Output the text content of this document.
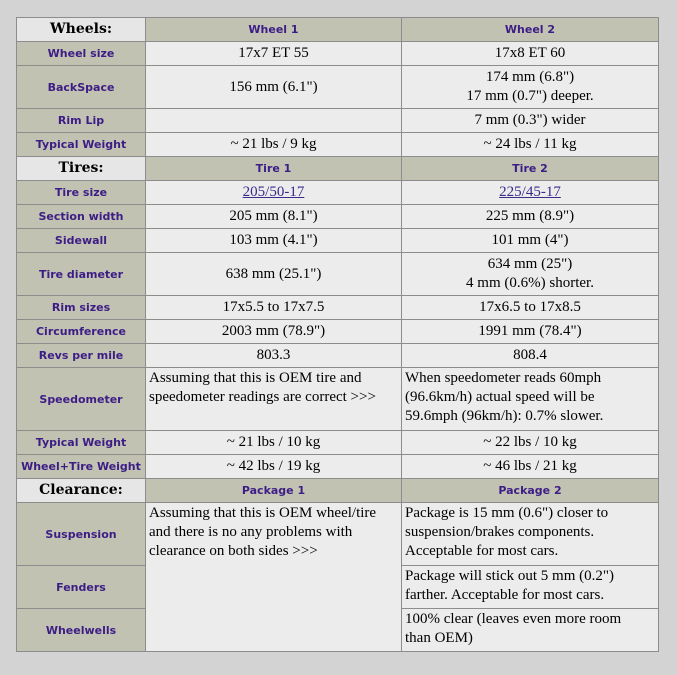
Wheels:	Wheel 1	Wheel 2
Wheel size	17x7 ET 55	17x8 ET 60

BackSpace	156 mm (6.1")	174 mm (6.8")
17 mm (0.7") deeper.

Rim Lip		7 mm (0.3") wider

Typical Weight	~ 21 lbs / 9 kg	~ 24 lbs / 11 kg

Tires:	Tire 1	Tire 2
Tire size	205/50-17	225/45-17

Section width	205 mm (8.1")	225 mm (8.9")

Sidewall	103 mm (4.1")	101 mm (4")

Tire diameter	638 mm (25.1")	634 mm (25")
4 mm (0.6%) shorter.

Rim sizes	17x5.5 to 17x7.5	17x6.5 to 17x8.5

Circumference	2003 mm (78.9")	1991 mm (78.4")

Revs per mile	803.3	808.4

Speedometer	Assuming that this is OEM tire and
speedometer readings are correct >>>	When speedometer reads 60mph
(96.6km/h) actual speed will be
59.6mph (96km/h): 0.7% slower.

Typical Weight	~ 21 lbs / 10 kg	~ 22 lbs / 10 kg

Wheel+Tire Weight	~ 42 lbs / 19 kg	~ 46 lbs / 21 kg

Clearance:	Package 1	Package 2
Suspension	Assuming that this is OEM wheel/tire
and there is no any problems with
clearance on both sides >>>	Package is 15 mm (0.6") closer to
suspension/brakes components.
Acceptable for most cars.

Fenders		Package will stick out 5 mm (0.2")
farther. Acceptable for most cars.

Wheelwells		100% clear (leaves even more room
than OEM)
